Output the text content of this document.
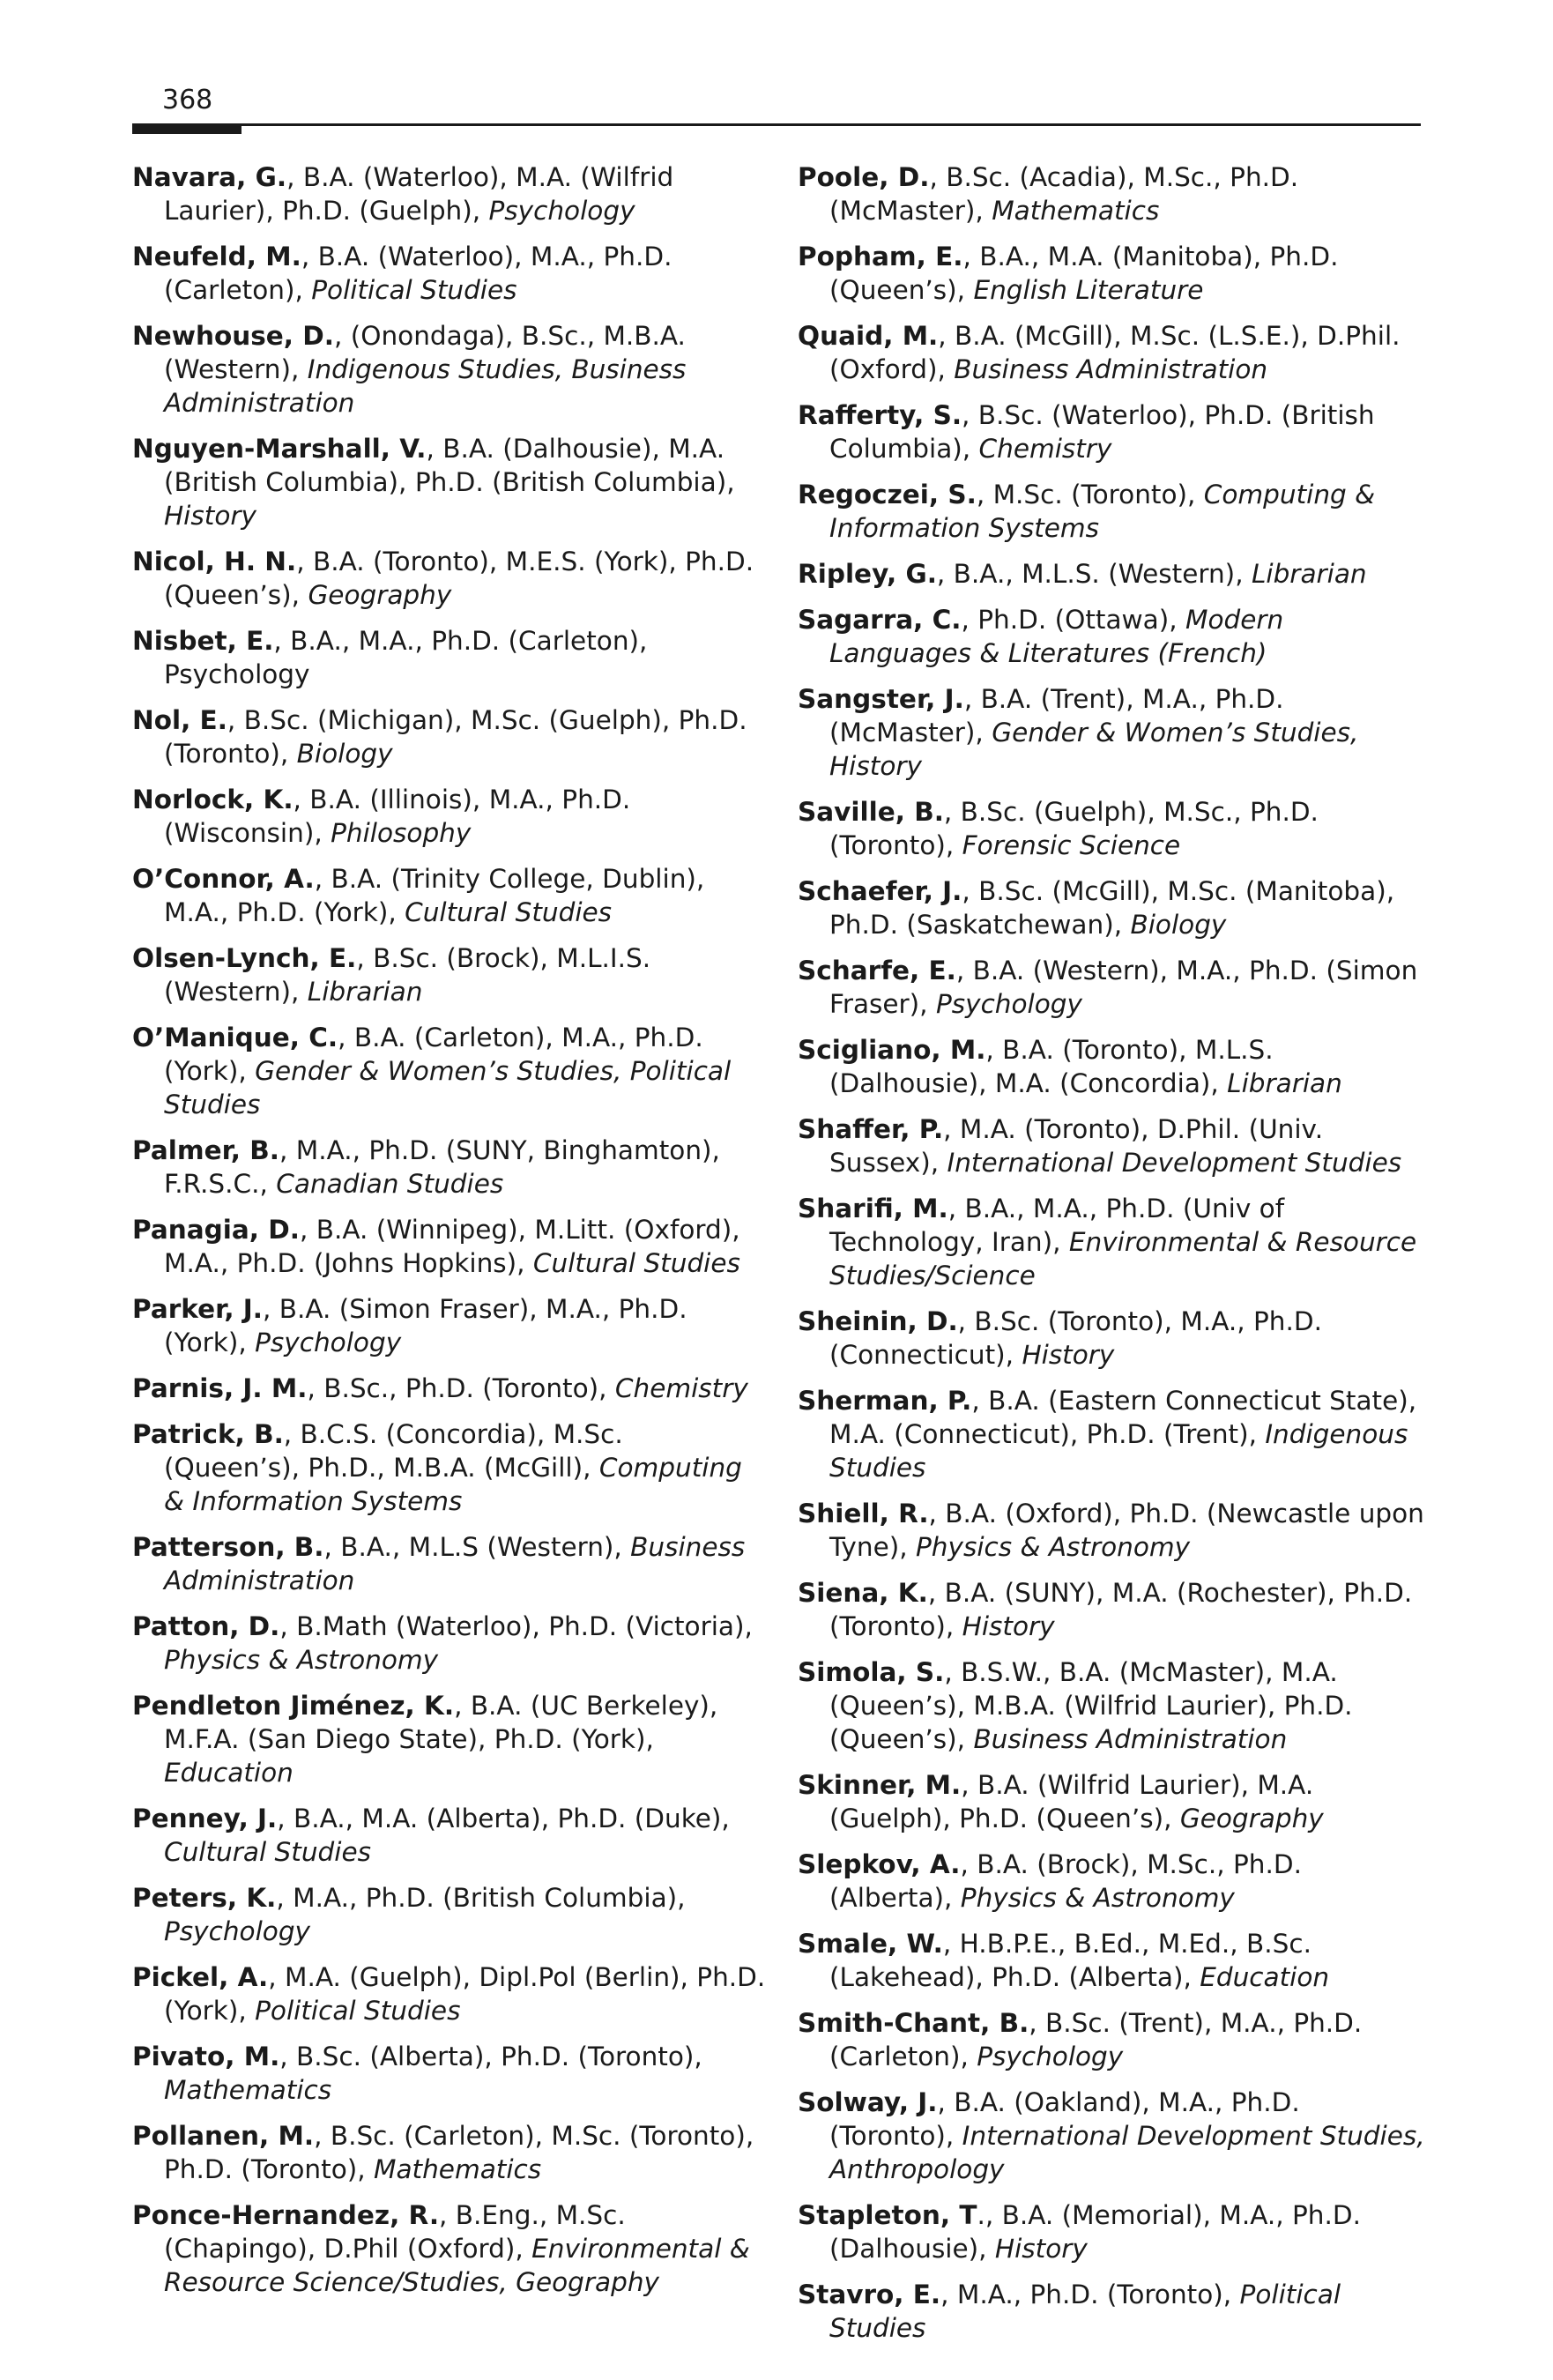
368

Navara, G., B.A. (Waterloo), M.A. (Wilfrid Laurier), Ph.D. (Guelph), Psychology

Neufeld, M., B.A. (Waterloo), M.A., Ph.D. (Carleton), Political Studies

Newhouse, D., (Onondaga), B.Sc., M.B.A. (Western), Indigenous Studies, Business Administration

Nguyen-Marshall, V., B.A. (Dalhousie), M.A. (British Columbia), Ph.D. (British Columbia), History

Nicol, H. N., B.A. (Toronto), M.E.S. (York), Ph.D. (Queen’s), Geography

Nisbet, E., B.A., M.A., Ph.D. (Carleton), Psychology

Nol, E., B.Sc. (Michigan), M.Sc. (Guelph), Ph.D. (Toronto), Biology

Norlock, K., B.A. (Illinois), M.A., Ph.D. (Wisconsin), Philosophy

O’Connor, A., B.A. (Trinity College, Dublin), M.A., Ph.D. (York), Cultural Studies

Olsen-Lynch, E., B.Sc. (Brock), M.L.I.S. (Western), Librarian

O’Manique, C., B.A. (Carleton), M.A., Ph.D. (York), Gender & Women’s Studies, Political Studies

Palmer, B., M.A., Ph.D. (SUNY, Binghamton), F.R.S.C., Canadian Studies

Panagia, D., B.A. (Winnipeg), M.Litt. (Oxford), M.A., Ph.D. (Johns Hopkins), Cultural Studies

Parker, J., B.A. (Simon Fraser), M.A., Ph.D. (York), Psychology

Parnis, J. M., B.Sc., Ph.D. (Toronto), Chemistry

Patrick, B., B.C.S. (Concordia), M.Sc. (Queen’s), Ph.D., M.B.A. (McGill), Computing & Information Systems

Patterson, B., B.A., M.L.S (Western), Business Administration

Patton, D., B.Math (Waterloo), Ph.D. (Victoria), Physics & Astronomy

Pendleton Jiménez, K., B.A. (UC Berkeley), M.F.A. (San Diego State), Ph.D. (York), Education

Penney, J., B.A., M.A. (Alberta), Ph.D. (Duke), Cultural Studies

Peters, K., M.A., Ph.D. (British Columbia), Psychology

Pickel, A., M.A. (Guelph), Dipl.Pol (Berlin), Ph.D. (York), Political Studies

Pivato, M., B.Sc. (Alberta), Ph.D. (Toronto), Mathematics

Pollanen, M., B.Sc. (Carleton), M.Sc. (Toronto), Ph.D. (Toronto), Mathematics

Ponce-Hernandez, R., B.Eng., M.Sc. (Chapingo), D.Phil (Oxford), Environmental & Resource Science/Studies, Geography

Poole, D., B.Sc. (Acadia), M.Sc., Ph.D. (McMaster), Mathematics

Popham, E., B.A., M.A. (Manitoba), Ph.D. (Queen’s), English Literature

Quaid, M., B.A. (McGill), M.Sc. (L.S.E.), D.Phil. (Oxford), Business Administration

Rafferty, S., B.Sc. (Waterloo), Ph.D. (British Columbia), Chemistry

Regoczei, S., M.Sc. (Toronto), Computing & Information Systems

Ripley, G., B.A., M.L.S. (Western), Librarian

Sagarra, C., Ph.D. (Ottawa), Modern Languages & Literatures (French)

Sangster, J., B.A. (Trent), M.A., Ph.D. (McMaster), Gender & Women’s Studies, History

Saville, B., B.Sc. (Guelph), M.Sc., Ph.D. (Toronto), Forensic Science

Schaefer, J., B.Sc. (McGill), M.Sc. (Manitoba), Ph.D. (Saskatchewan), Biology

Scharfe, E., B.A. (Western), M.A., Ph.D. (Simon Fraser), Psychology

Scigliano, M., B.A. (Toronto), M.L.S. (Dalhousie), M.A. (Concordia), Librarian

Shaffer, P., M.A. (Toronto), D.Phil. (Univ. Sussex), International Development Studies

Sharifi, M., B.A., M.A., Ph.D. (Univ of Technology, Iran), Environmental & Resource Studies/Science

Sheinin, D., B.Sc. (Toronto), M.A., Ph.D. (Connecticut), History

Sherman, P., B.A. (Eastern Connecticut State), M.A. (Connecticut), Ph.D. (Trent), Indigenous Studies

Shiell, R., B.A. (Oxford), Ph.D. (Newcastle upon Tyne), Physics & Astronomy

Siena, K., B.A. (SUNY), M.A. (Rochester), Ph.D. (Toronto), History

Simola, S., B.S.W., B.A. (McMaster), M.A. (Queen’s), M.B.A. (Wilfrid Laurier), Ph.D. (Queen’s), Business Administration

Skinner, M., B.A. (Wilfrid Laurier), M.A. (Guelph), Ph.D. (Queen’s), Geography

Slepkov, A., B.A. (Brock), M.Sc., Ph.D. (Alberta), Physics & Astronomy

Smale, W., H.B.P.E., B.Ed., M.Ed., B.Sc. (Lakehead), Ph.D. (Alberta), Education

Smith-Chant, B., B.Sc. (Trent), M.A., Ph.D. (Carleton), Psychology

Solway, J., B.A. (Oakland), M.A., Ph.D. (Toronto), International Development Studies, Anthropology

Stapleton, T., B.A. (Memorial), M.A., Ph.D. (Dalhousie), History

Stavro, E., M.A., Ph.D. (Toronto), Political Studies
